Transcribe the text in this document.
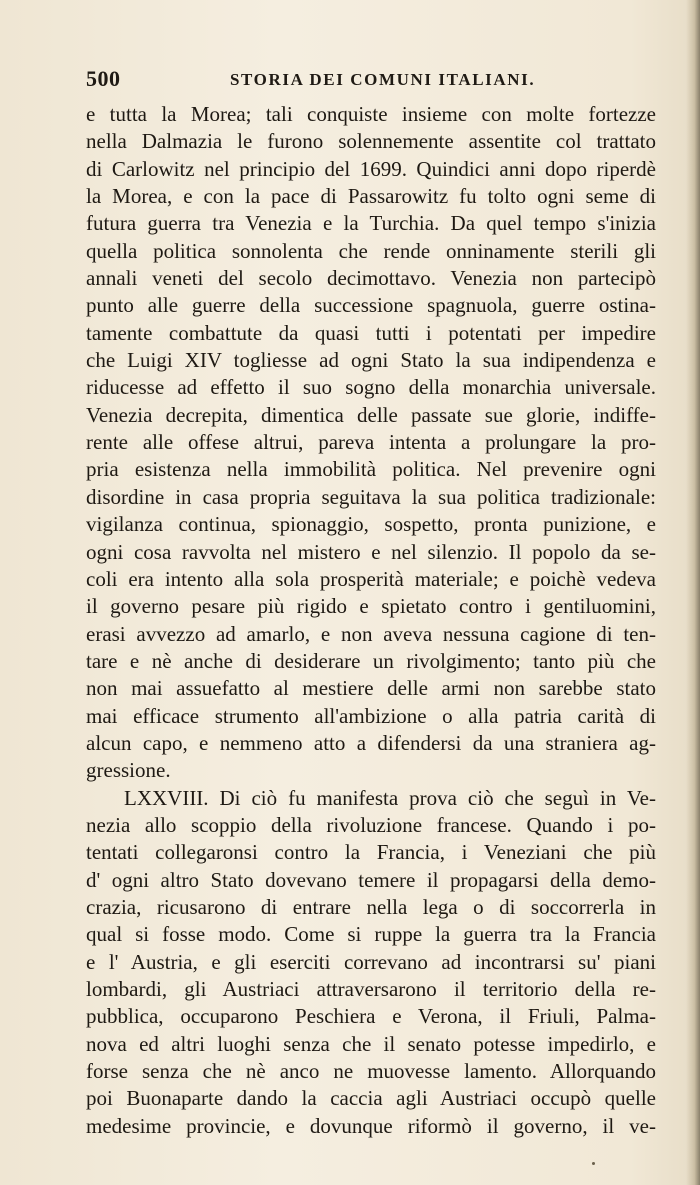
500	STORIA DEI COMUNI ITALIANI.
e tutta la Morea; tali conquiste insieme con molte fortezze
nella Dalmazia le furono solennemente assentite col trattato
di Carlowitz nel principio del 1699. Quindici anni dopo riperdè
la Morea, e con la pace di Passarowitz fu tolto ogni seme di
futura guerra tra Venezia e la Turchia. Da quel tempo s'inizia
quella politica sonnolenta che rende onninamente sterili gli
annali veneti del secolo decimottavo. Venezia non partecipò
punto alle guerre della successione spagnuola, guerre ostina-
tamente combattute da quasi tutti i potentati per impedire
che Luigi XIV togliesse ad ogni Stato la sua indipendenza e
riducesse ad effetto il suo sogno della monarchia universale.
Venezia decrepita, dimentica delle passate sue glorie, indiffe-
rente alle offese altrui, pareva intenta a prolungare la pro-
pria esistenza nella immobilità politica. Nel prevenire ogni
disordine in casa propria seguitava la sua politica tradizionale:
vigilanza continua, spionaggio, sospetto, pronta punizione, e
ogni cosa ravvolta nel mistero e nel silenzio. Il popolo da se-
coli era intento alla sola prosperità materiale; e poichè vedeva
il governo pesare più rigido e spietato contro i gentiluomini,
erasi avvezzo ad amarlo, e non aveva nessuna cagione di ten-
tare e nè anche di desiderare un rivolgimento; tanto più che
non mai assuefatto al mestiere delle armi non sarebbe stato
mai efficace strumento all'ambizione o alla patria carità di
alcun capo, e nemmeno atto a difendersi da una straniera ag-
gressione.
LXXVIII. Di ciò fu manifesta prova ciò che seguì in Ve-
nezia allo scoppio della rivoluzione francese. Quando i po-
tentati collegaronsi contro la Francia, i Veneziani che più
d' ogni altro Stato dovevano temere il propagarsi della demo-
crazia, ricusarono di entrare nella lega o di soccorrerla in
qual si fosse modo. Come si ruppe la guerra tra la Francia
e l' Austria, e gli eserciti correvano ad incontrarsi su' piani
lombardi, gli Austriaci attraversarono il territorio della re-
pubblica, occuparono Peschiera e Verona, il Friuli, Palma-
nova ed altri luoghi senza che il senato potesse impedirlo, e
forse senza che nè anco ne muovesse lamento. Allorquando
poi Buonaparte dando la caccia agli Austriaci occupò quelle
medesime provincie, e dovunque riformò il governo, il ve-
